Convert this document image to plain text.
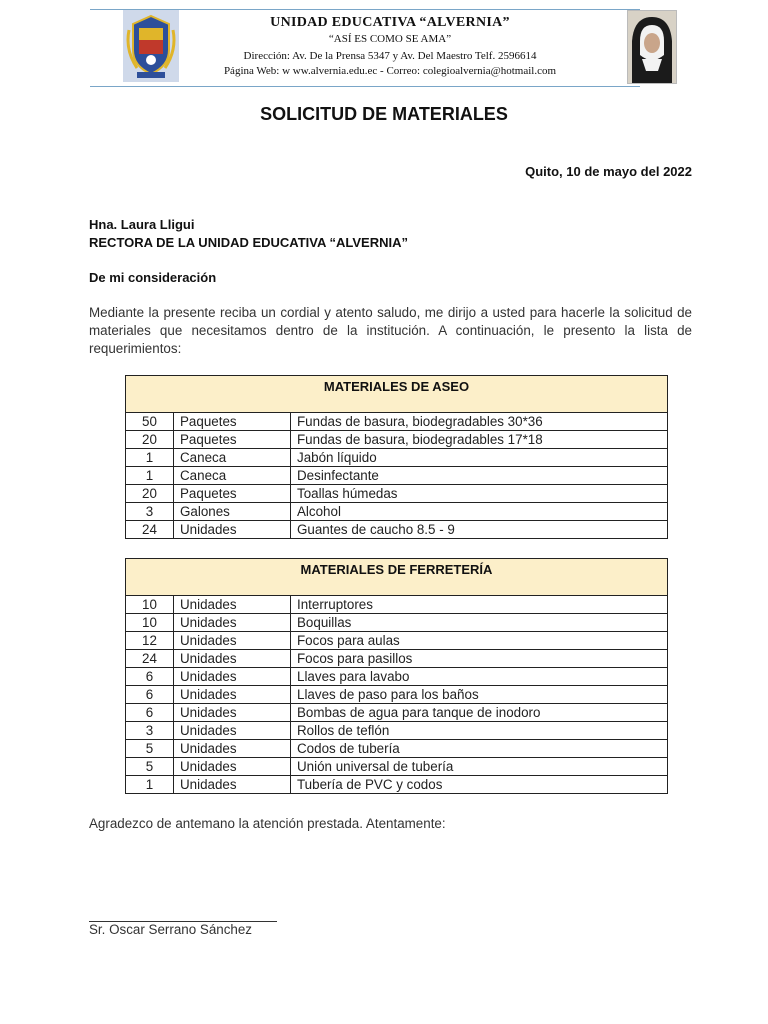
UNIDAD EDUCATIVA “ALVERNIA”
“ASÍ ES COMO SE AMA”
Dirección: Av. De la Prensa 5347 y Av. Del Maestro Telf. 2596614
Página Web: w ww.alvernia.edu.ec - Correo: colegioalvernia@hotmail.com
SOLICITUD DE MATERIALES
Quito, 10 de mayo del 2022
Hna. Laura Lligui
RECTORA DE LA UNIDAD EDUCATIVA “ALVERNIA”
De mi consideración
Mediante la presente reciba un cordial y atento saludo, me dirijo a usted para hacerle la solicitud de materiales que necesitamos dentro de la institución. A continuación, le presento la lista de requerimientos:
MATERIALES DE ASEO		
50	Paquetes	Fundas de basura, biodegradables 30*36
20	Paquetes	Fundas de basura, biodegradables 17*18
1	Caneca	Jabón líquido
1	Caneca	Desinfectante
20	Paquetes	Toallas húmedas
3	Galones	Alcohol
24	Unidades	Guantes de caucho 8.5 - 9
MATERIALES DE FERRETERÍA		
10	Unidades	Interruptores
10	Unidades	Boquillas
12	Unidades	Focos para aulas
24	Unidades	Focos para pasillos
6	Unidades	Llaves para lavabo
6	Unidades	Llaves de paso para los baños
6	Unidades	Bombas de agua para tanque de inodoro
3	Unidades	Rollos de teflón
5	Unidades	Codos de tubería
5	Unidades	Unión universal de tubería
1	Unidades	Tubería de PVC y codos
Agradezco de antemano la atención prestada. Atentamente:
Sr. Oscar Serrano Sánchez
